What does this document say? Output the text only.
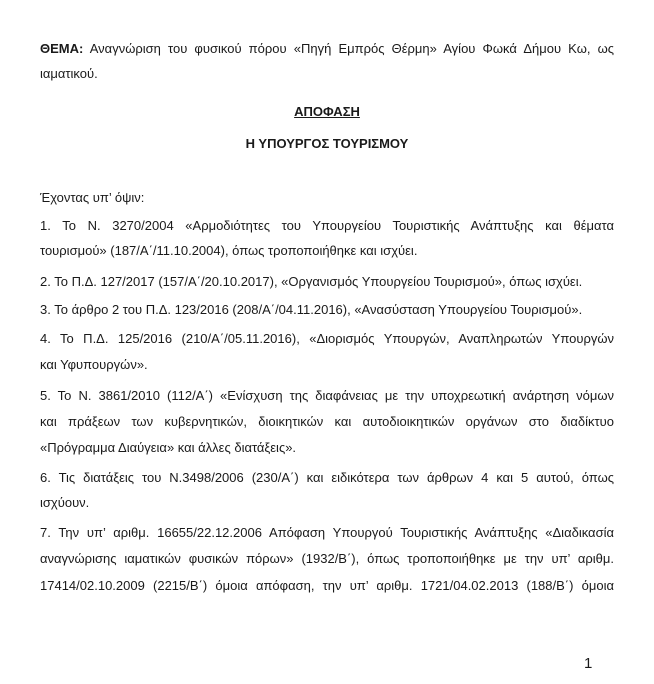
ΘΕΜΑ: Αναγνώριση του φυσικού πόρου «Πηγή Εμπρός Θέρμη» Αγίου Φωκά Δήμου Κω, ως
ιαματικού.
ΑΠΟΦΑΣΗ
Η ΥΠΟΥΡΓΟΣ ΤΟΥΡΙΣΜΟΥ
Έχοντας υπ’ όψιν:
1. Το Ν. 3270/2004 «Αρμοδιότητες του Υπουργείου Τουριστικής Ανάπτυξης και θέματα
τουρισμού» (187/Α΄/11.10.2004), όπως τροποποιήθηκε και ισχύει.
2. Το Π.Δ. 127/2017 (157/Α΄/20.10.2017), «Οργανισμός Υπουργείου Τουρισμού», όπως ισχύει.
3. Το άρθρο 2 του Π.Δ. 123/2016 (208/Α΄/04.11.2016), «Ανασύσταση Υπουργείου Τουρισμού».
4. Το Π.Δ. 125/2016 (210/Α΄/05.11.2016), «Διορισμός Υπουργών, Αναπληρωτών Υπουργών
και Υφυπουργών».
5. Το Ν. 3861/2010 (112/Α΄) «Ενίσχυση της διαφάνειας με την υποχρεωτική ανάρτηση νόμων
και πράξεων των κυβερνητικών, διοικητικών και αυτοδιοικητικών οργάνων στο διαδίκτυο
«Πρόγραμμα Διαύγεια» και άλλες διατάξεις».
6. Τις διατάξεις του Ν.3498/2006 (230/Α΄) και ειδικότερα των άρθρων 4 και 5 αυτού, όπως
ισχύουν.
7. Την υπ’ αριθμ. 16655/22.12.2006 Απόφαση Υπουργού Τουριστικής Ανάπτυξης «Διαδικασία
αναγνώρισης ιαματικών φυσικών πόρων» (1932/Β΄), όπως τροποποιήθηκε με την υπ’ αριθμ.
17414/02.10.2009 (2215/Β΄) όμοια απόφαση, την υπ’ αριθμ. 1721/04.02.2013 (188/Β΄) όμοια
1
